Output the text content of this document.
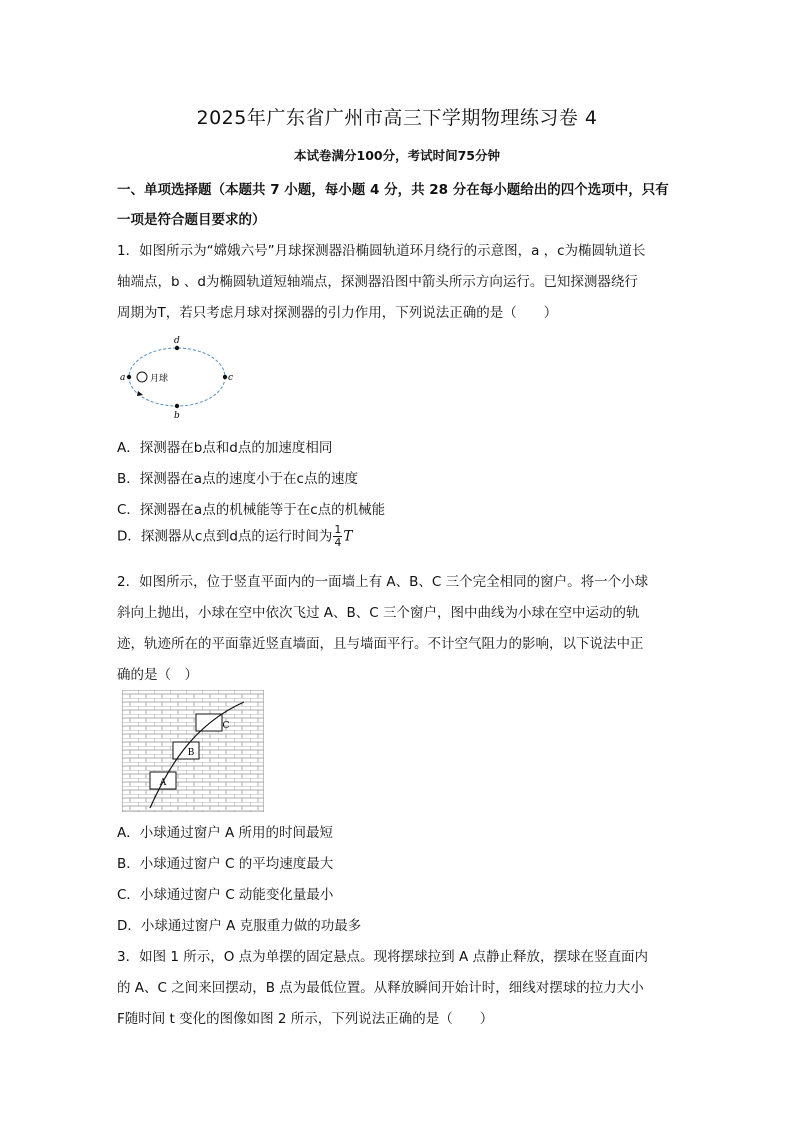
2025年广东省广州市高三下学期物理练习卷 4
本试卷满分100分，考试时间75分钟
一、单项选择题（本题共 7 小题，每小题 4 分，共 28 分在每小题给出的四个选项中，只有
一项是符合题目要求的）
1．如图所示为“嫦娥六号”月球探测器沿椭圆轨道环月绕行的示意图，a ，c为椭圆轨道长
轴端点，b 、d为椭圆轨道短轴端点，探测器沿图中箭头所示方向运行。已知探测器绕行
周期为T，若只考虑月球对探测器的引力作用，下列说法正确的是（　　）
a	c
d
b
月球
A．探测器在b点和d点的加速度相同
B．探测器在a点的速度小于在c点的速度
C．探测器在a点的机械能等于在c点的机械能
D．探测器从c点到d点的运行时间为 $\frac{1}{4}$ T
2．如图所示，位于竖直平面内的一面墙上有 A、B、C 三个完全相同的窗户。将一个小球
斜向上抛出，小球在空中依次飞过 A、B、C 三个窗户，图中曲线为小球在空中运动的轨
迹，轨迹所在的平面靠近竖直墙面，且与墙面平行。不计空气阻力的影响，以下说法中正
确的是（　）
A
B
C
A．小球通过窗户 A 所用的时间最短
B．小球通过窗户 C 的平均速度最大
C．小球通过窗户 C 动能变化量最小
D．小球通过窗户 A 克服重力做的功最多
3．如图 1 所示，O 点为单摆的固定悬点。现将摆球拉到 A 点静止释放，摆球在竖直面内
的 A、C 之间来回摆动，B 点为最低位置。从释放瞬间开始计时，细线对摆球的拉力大小
F随时间 t 变化的图像如图 2 所示，下列说法正确的是（　　）
